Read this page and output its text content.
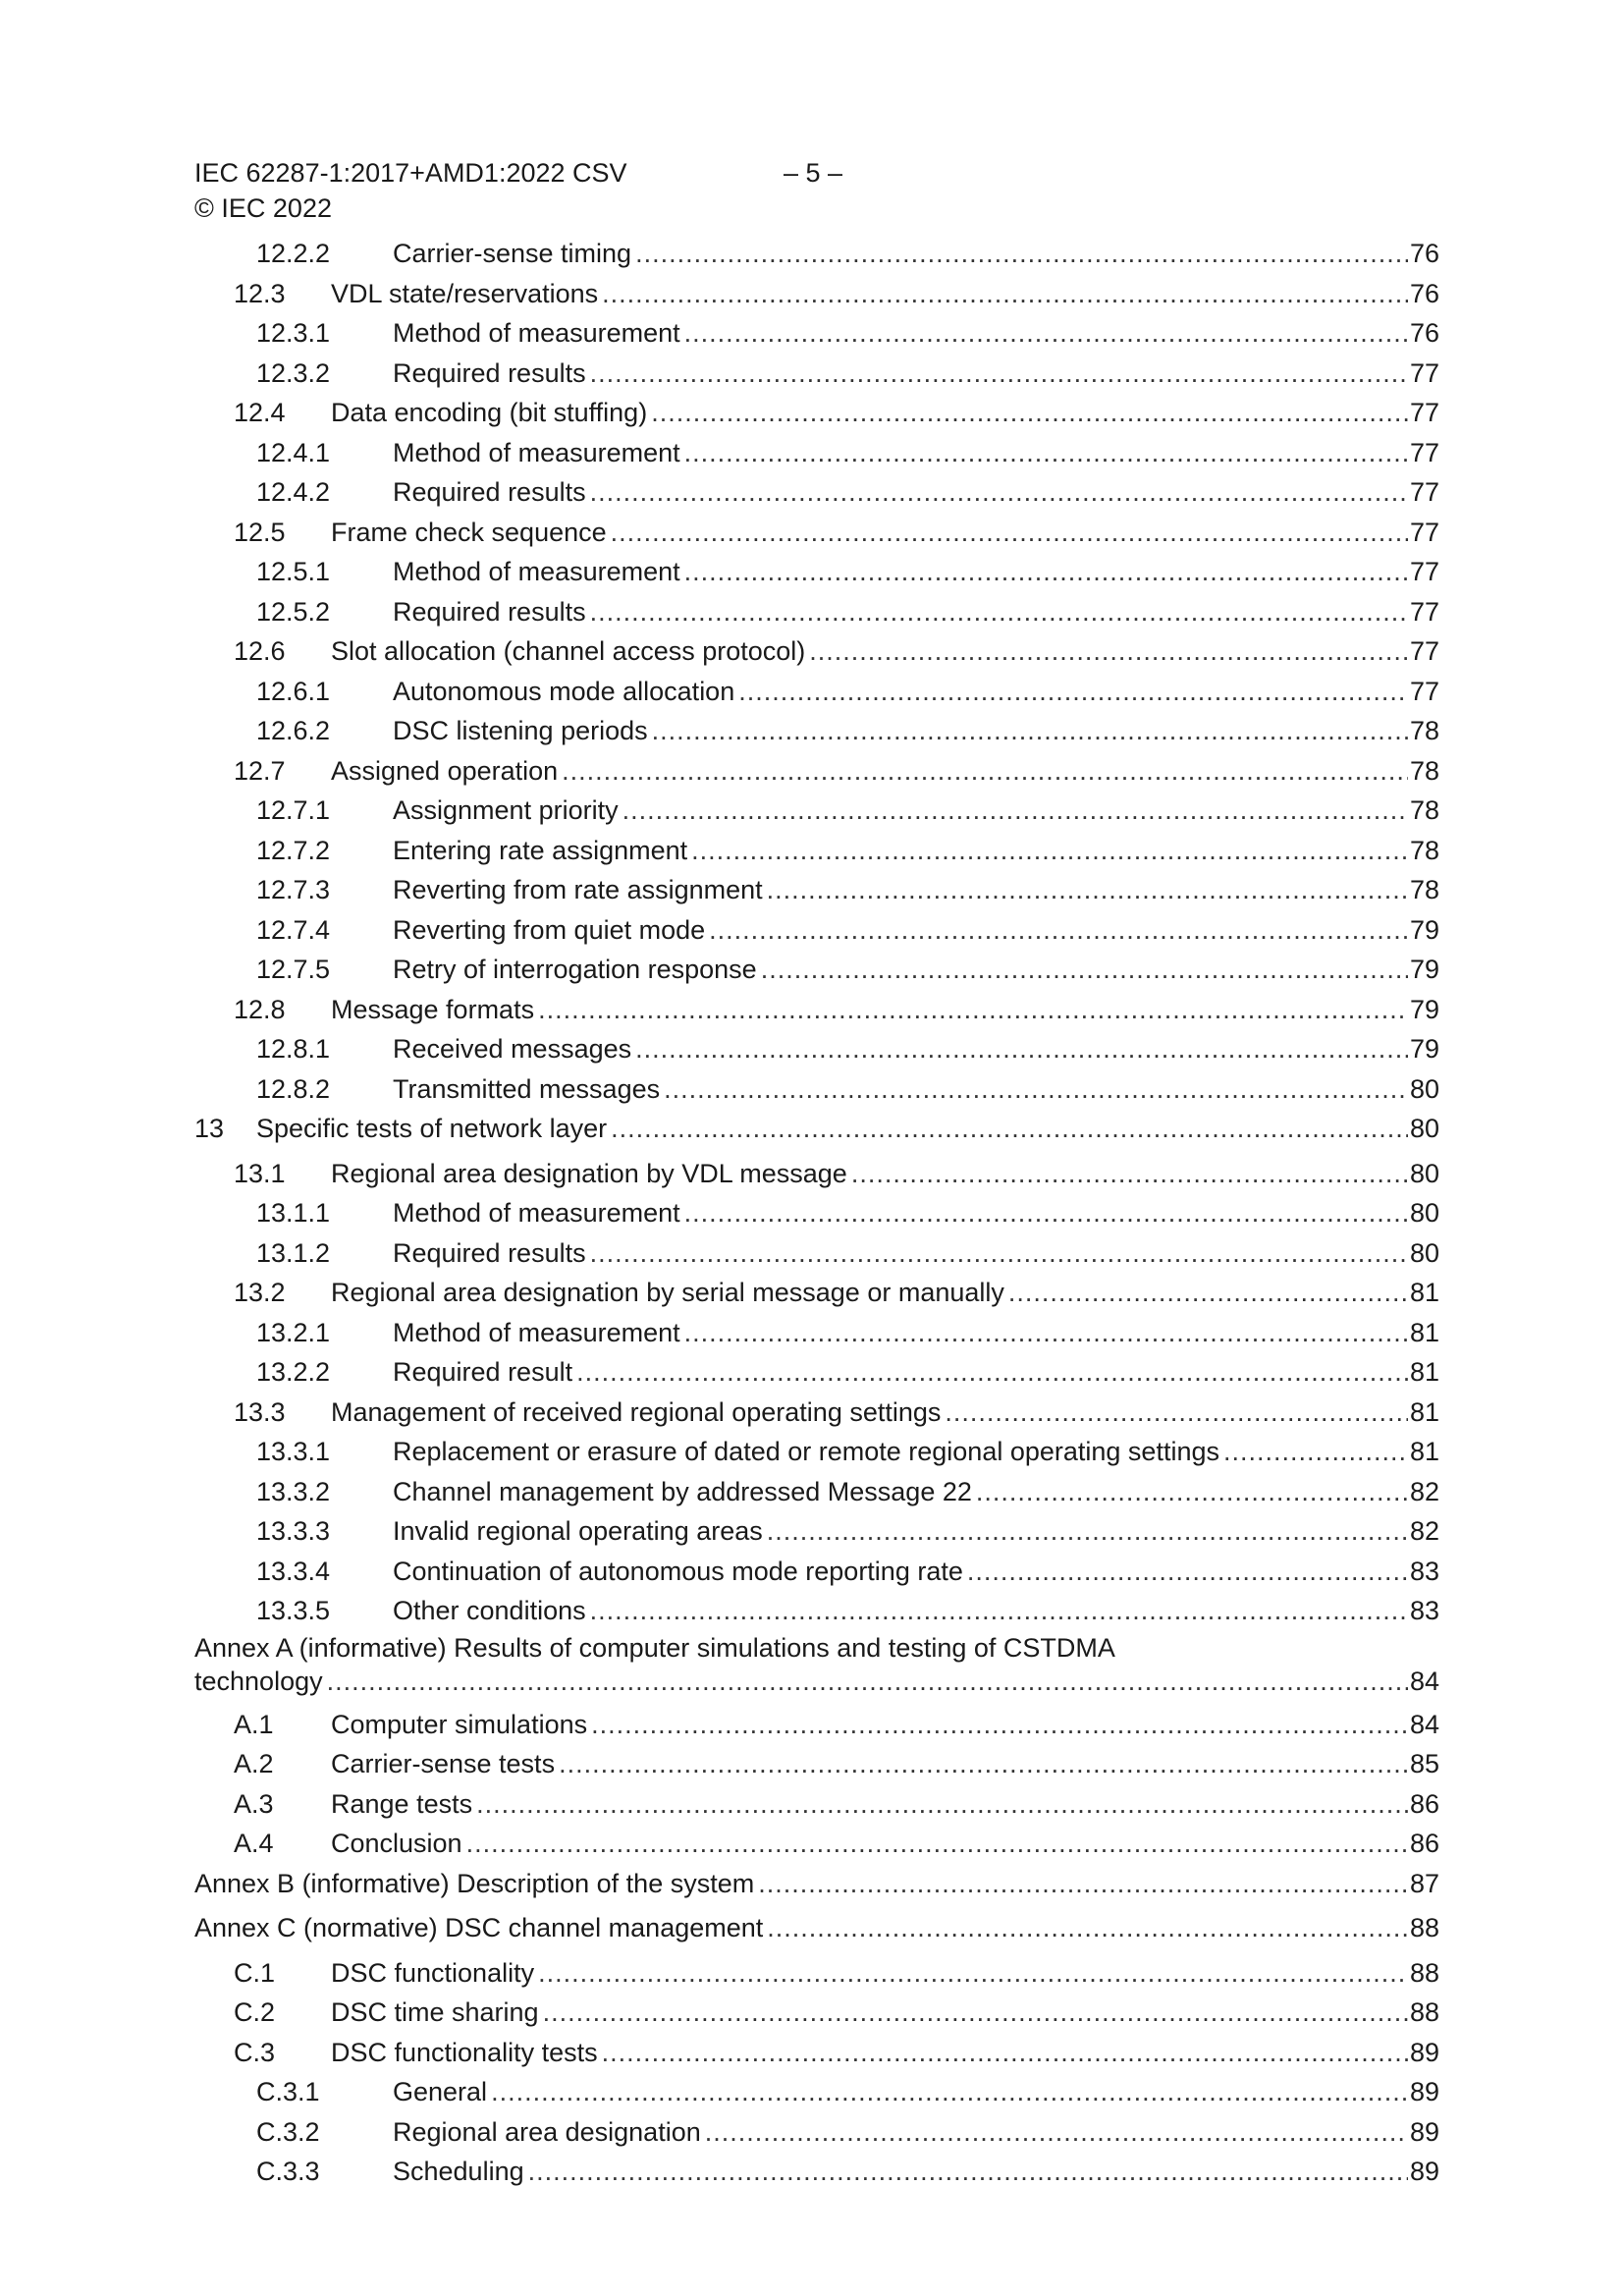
IEC 62287-1:2017+AMD1:2022 CSV	– 5 –
© IEC 2022
12.2.2	Carrier-sense timing .....	76
12.3	VDL state/reservations .....	76
12.3.1	Method of measurement .....	76
12.3.2	Required results .....	77
12.4	Data encoding (bit stuffing) .....	77
12.4.1	Method of measurement .....	77
12.4.2	Required results .....	77
12.5	Frame check sequence .....	77
12.5.1	Method of measurement .....	77
12.5.2	Required results .....	77
12.6	Slot allocation (channel access protocol) .....	77
12.6.1	Autonomous mode allocation .....	77
12.6.2	DSC listening periods .....	78
12.7	Assigned operation .....	78
12.7.1	Assignment priority .....	78
12.7.2	Entering rate assignment .....	78
12.7.3	Reverting from rate assignment .....	78
12.7.4	Reverting from quiet mode .....	79
12.7.5	Retry of interrogation response .....	79
12.8	Message formats .....	79
12.8.1	Received messages .....	79
12.8.2	Transmitted messages .....	80
13	Specific tests of network layer .....	80
13.1	Regional area designation by VDL message .....	80
13.1.1	Method of measurement .....	80
13.1.2	Required results .....	80
13.2	Regional area designation by serial message or manually .....	81
13.2.1	Method of measurement .....	81
13.2.2	Required result .....	81
13.3	Management of received regional operating settings .....	81
13.3.1	Replacement or erasure of dated or remote regional operating settings .....	81
13.3.2	Channel management by addressed Message 22 .....	82
13.3.3	Invalid regional operating areas .....	82
13.3.4	Continuation of autonomous mode reporting rate .....	83
13.3.5	Other conditions .....	83
Annex A (informative) Results of computer simulations and testing of CSTDMA
technology .....	84
A.1	Computer simulations .....	84
A.2	Carrier-sense tests .....	85
A.3	Range tests .....	86
A.4	Conclusion .....	86
Annex B (informative) Description of the system .....	87
Annex C (normative) DSC channel management .....	88
C.1	DSC functionality .....	88
C.2	DSC time sharing .....	88
C.3	DSC functionality tests .....	89
C.3.1	General .....	89
C.3.2	Regional area designation .....	89
C.3.3	Scheduling .....	89
